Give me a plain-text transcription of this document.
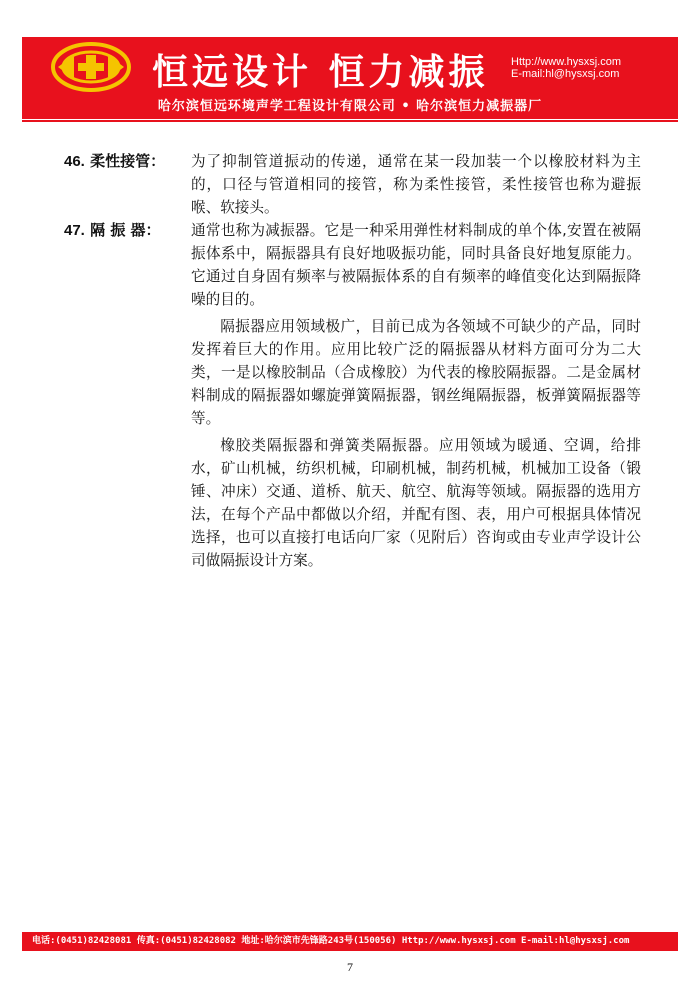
恒远设计 恒力减振 Http://www.hysxsj.com
E-mail:hl@hysxsj.com
哈尔滨恒远环境声学工程设计有限公司 • 哈尔滨恒力减振器厂
46. 柔性接管： 为了抑制管道振动的传递，通常在某一段加装一个以橡胶材料为主的，口径与管道相同的接管，称为柔性接管，柔性接管也称为避振喉、软接头。

47. 隔 振 器： 通常也称为减振器。它是一种采用弹性材料制成的单个体,安置在被隔振体系中，隔振器具有良好地吸振功能，同时具备良好地复原能力。它通过自身固有频率与被隔振体系的自有频率的峰值变化达到隔振降噪的目的。

隔振器应用领域极广，目前已成为各领域不可缺少的产品，同时发挥着巨大的作用。应用比较广泛的隔振器从材料方面可分为二大类，一是以橡胶制品（合成橡胶）为代表的橡胶隔振器。二是金属材料制成的隔振器如螺旋弹簧隔振器，钢丝绳隔振器，板弹簧隔振器等等。

橡胶类隔振器和弹簧类隔振器。应用领域为暖通、空调，给排水，矿山机械，纺织机械，印刷机械，制药机械，机械加工设备（锻锤、冲床）交通、道桥、航天、航空、航海等领域。隔振器的选用方法，在每个产品中都做以介绍，并配有图、表，用户可根据具体情况选择，也可以直接打电话向厂家（见附后）咨询或由专业声学设计公司做隔振设计方案。

电话:(0451)82428081 传真:(0451)82428082 地址:哈尔滨市先锋路243号(150056) Http://www.hysxsj.com E-mail:hl@hysxsj.com
7
